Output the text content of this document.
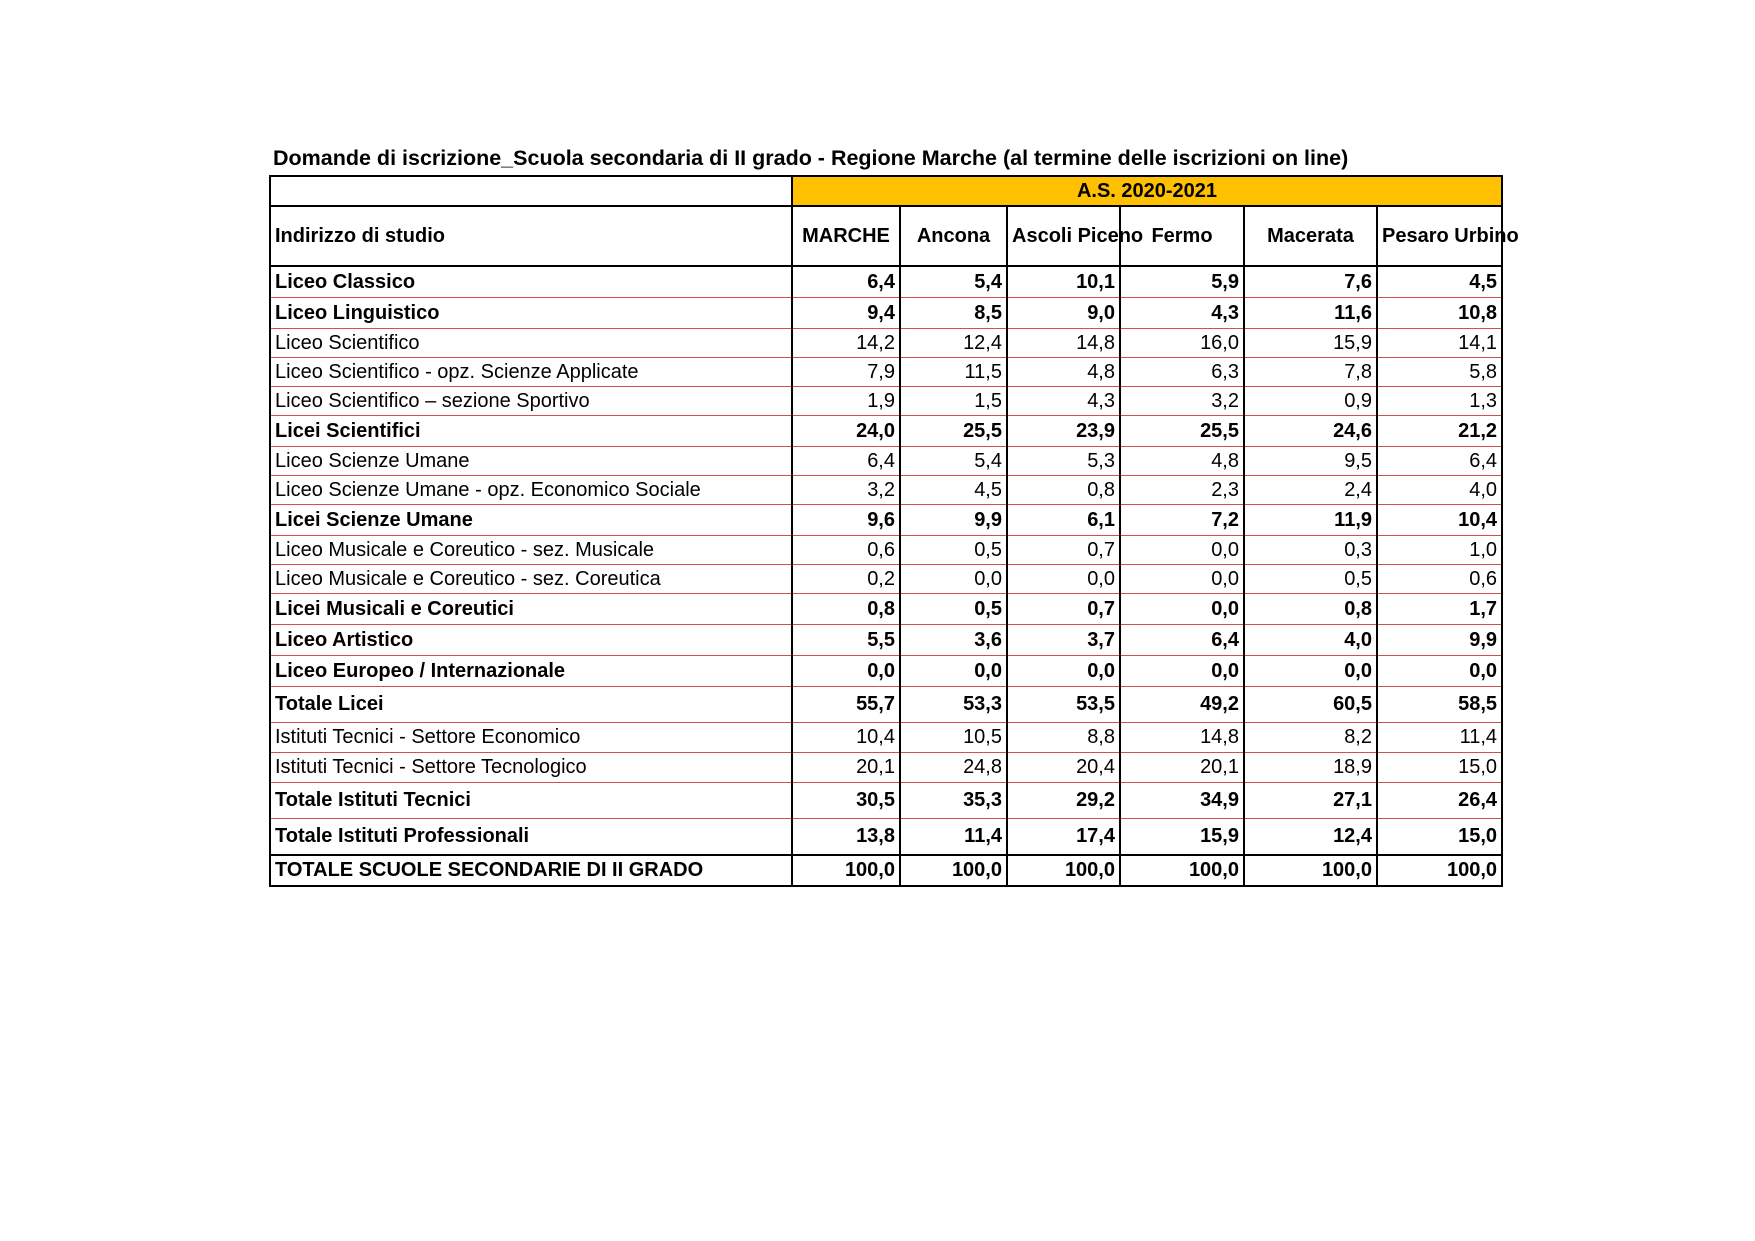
Domande di iscrizione_Scuola secondaria di II grado - Regione Marche (al termine delle iscrizioni on line)
	A.S. 2020-2021					
Indirizzo di studio	MARCHE	Ancona	Ascoli Piceno	Fermo	Macerata	Pesaro Urbino
Liceo Classico	6,4	5,4	10,1	5,9	7,6	4,5
Liceo Linguistico	9,4	8,5	9,0	4,3	11,6	10,8
Liceo Scientifico	14,2	12,4	14,8	16,0	15,9	14,1
Liceo Scientifico - opz. Scienze Applicate	7,9	11,5	4,8	6,3	7,8	5,8
Liceo Scientifico – sezione Sportivo	1,9	1,5	4,3	3,2	0,9	1,3
Licei Scientifici	24,0	25,5	23,9	25,5	24,6	21,2
Liceo Scienze Umane	6,4	5,4	5,3	4,8	9,5	6,4
Liceo Scienze Umane - opz. Economico Sociale	3,2	4,5	0,8	2,3	2,4	4,0
Licei Scienze Umane	9,6	9,9	6,1	7,2	11,9	10,4
Liceo Musicale e Coreutico - sez. Musicale	0,6	0,5	0,7	0,0	0,3	1,0
Liceo Musicale e Coreutico - sez. Coreutica	0,2	0,0	0,0	0,0	0,5	0,6
Licei Musicali e Coreutici	0,8	0,5	0,7	0,0	0,8	1,7
Liceo Artistico	5,5	3,6	3,7	6,4	4,0	9,9
Liceo Europeo / Internazionale	0,0	0,0	0,0	0,0	0,0	0,0
Totale Licei	55,7	53,3	53,5	49,2	60,5	58,5
Istituti Tecnici - Settore Economico	10,4	10,5	8,8	14,8	8,2	11,4
Istituti Tecnici - Settore Tecnologico	20,1	24,8	20,4	20,1	18,9	15,0
Totale Istituti Tecnici	30,5	35,3	29,2	34,9	27,1	26,4
Totale Istituti Professionali	13,8	11,4	17,4	15,9	12,4	15,0
TOTALE SCUOLE SECONDARIE DI II GRADO	100,0	100,0	100,0	100,0	100,0	100,0
